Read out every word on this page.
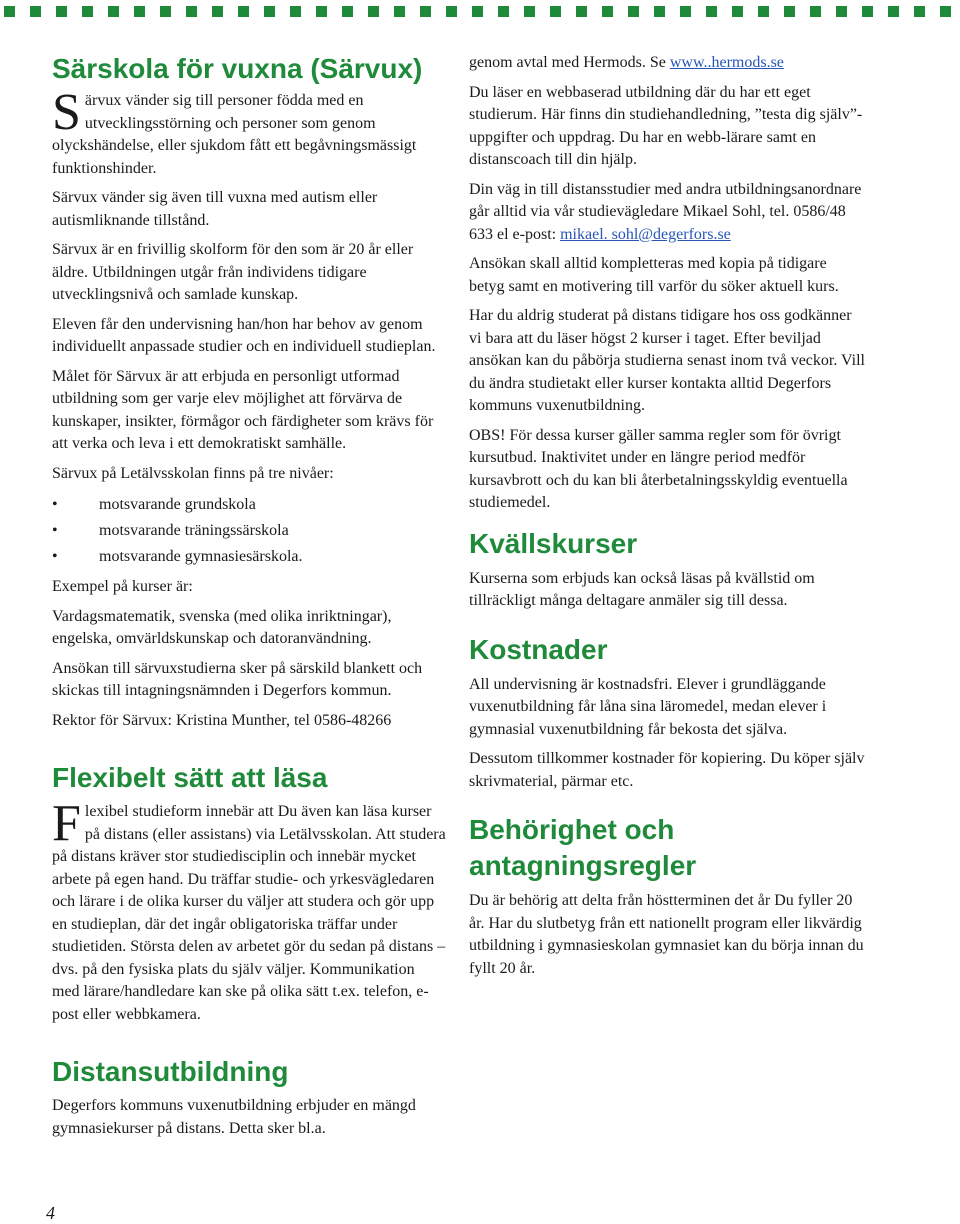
Särskola för vuxna (Särvux)

Särvux vänder sig till personer födda med en utvecklingsstörning och personer som genom olyckshändelse, eller sjukdom fått ett begåvningsmässigt funktionshinder.

Särvux vänder sig även till vuxna med autism eller autismliknande tillstånd.

Särvux är en frivillig skolform för den som är 20 år eller äldre. Utbildningen utgår från individens tidigare utvecklingsnivå och samlade kunskap.

Eleven får den undervisning han/hon har behov av genom individuellt anpassade studier och en individuell studieplan.

Målet för Särvux är att erbjuda en personligt utformad utbildning som ger varje elev möjlighet att förvärva de kunskaper, insikter, förmågor och färdigheter som krävs för att verka och leva i ett demokratiskt samhälle.

Särvux på Letälvsskolan finns på tre nivåer:

• motsvarande grundskola
• motsvarande träningssärskola
• motsvarande gymnasiesärskola.

Exempel på kurser är:

Vardagsmatematik, svenska (med olika inriktningar), engelska, omvärldskunskap och datoranvändning.

Ansökan till särvuxstudierna sker på särskild blankett och skickas till intagningsnämnden i Degerfors kommun.

Rektor för Särvux: Kristina Munther, tel 0586-48266

Flexibelt sätt att läsa

Flexibel studieform innebär att Du även kan läsa kurser på distans (eller assistans) via Letälvsskolan. Att studera på distans kräver stor studiedisciplin och innebär mycket arbete på egen hand. Du träffar studie- och yrkesvägledaren och lärare i de olika kurser du väljer att studera och gör upp en studieplan, där det ingår obligatoriska träffar under studietiden. Största delen av arbetet gör du sedan på distans – dvs. på den fysiska plats du själv väljer. Kommunikation med lärare/handledare kan ske på olika sätt t.ex. telefon, e-post eller webbkamera.

Distansutbildning

Degerfors kommuns vuxenutbildning erbjuder en mängd gymnasiekurser på distans. Detta sker bl.a.

genom avtal med Hermods. Se www..hermods.se

Du läser en webbaserad utbildning där du har ett eget studierum. Här finns din studiehandledning, ”testa dig själv”-uppgifter och uppdrag. Du har en webb-lärare samt en distanscoach till din hjälp.

Din väg in till distansstudier med andra utbildningsanordnare går alltid via vår studievägledare Mikael Sohl, tel. 0586/48 633 el e-post: mikael. sohl@degerfors.se

Ansökan skall alltid kompletteras med kopia på tidigare betyg samt en motivering till varför du söker aktuell kurs.

Har du aldrig studerat på distans tidigare hos oss godkänner vi bara att du läser högst 2 kurser i taget. Efter beviljad ansökan kan du påbörja studierna senast inom två veckor. Vill du ändra studietakt eller kurser kontakta alltid Degerfors kommuns vuxenutbildning.

OBS! För dessa kurser gäller samma regler som för övrigt kursutbud. Inaktivitet under en längre period medför kursavbrott och du kan bli återbetalningsskyldig eventuella studiemedel.

Kvällskurser

Kurserna som erbjuds kan också läsas på kvällstid om tillräckligt många deltagare anmäler sig till dessa.

Kostnader

All undervisning är kostnadsfri. Elever i grundläggande vuxenutbildning får låna sina läromedel, medan elever i gymnasial vuxenutbildning får bekosta det själva.

Dessutom tillkommer kostnader för kopiering. Du köper själv skrivmaterial, pärmar etc.

Behörighet och antagningsregler

Du är behörig att delta från höstterminen det år Du fyller 20 år. Har du slutbetyg från ett nationellt program eller likvärdig utbildning i gymnasieskolan gymnasiet kan du börja innan du fyllt 20 år.

4
